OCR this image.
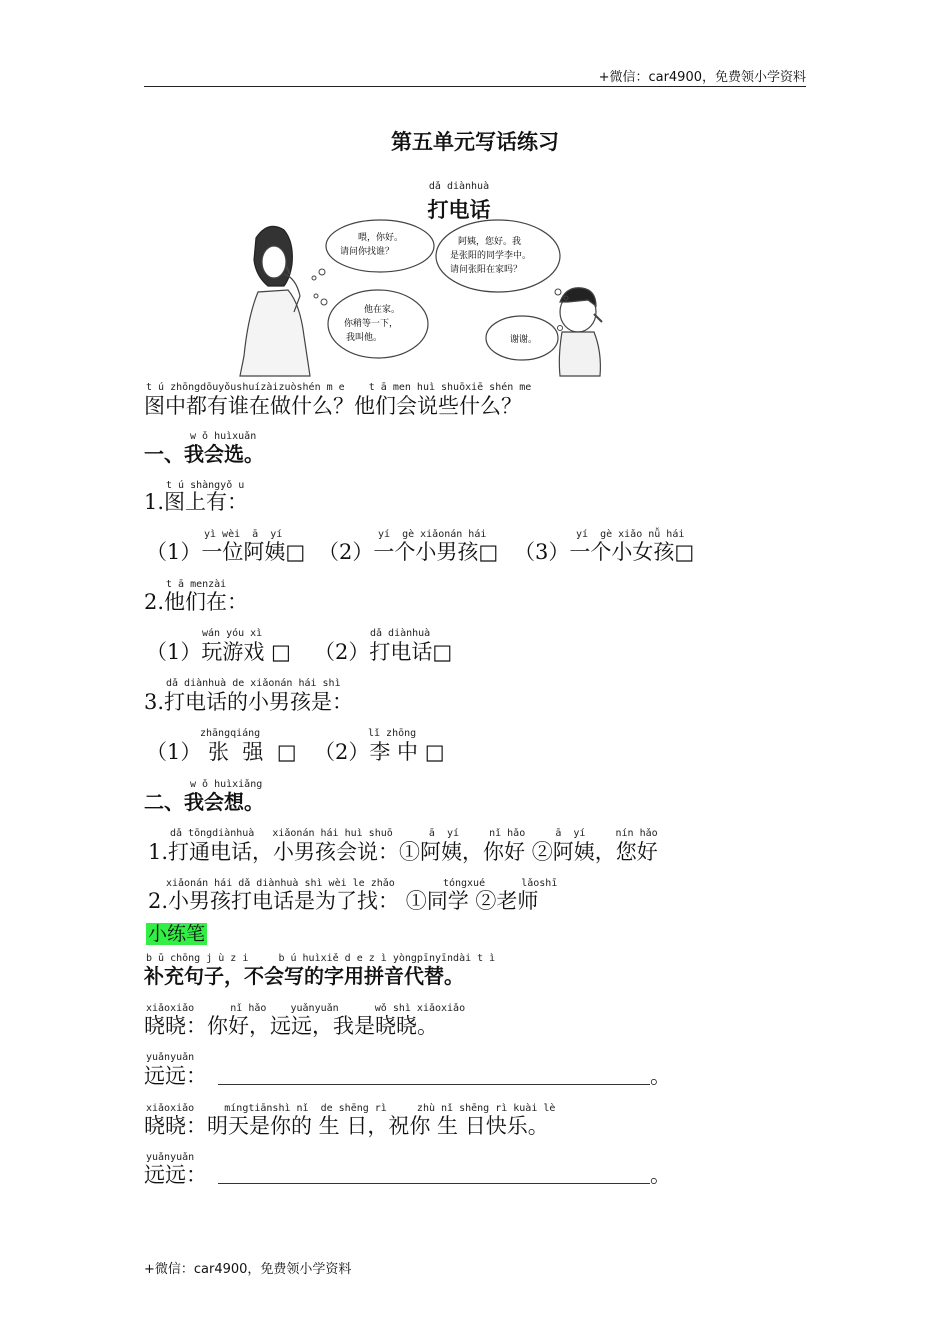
+微信：car4900，免费领小学资料
第五单元写话练习
dǎ diànhuà
打电话
喂，你好。
请问你找谁？
阿姨，您好。我
是张阳的同学李中。
请问张阳在家吗？
他在家。
你稍等一下，
我叫他。	谢谢。
t ú zhōngdōuyǒushuízàizuòshén m e    t ā men huì shuōxiē shén me
图中都有谁在做什么？他们会说些什么？
w ǒ huìxuǎn
一、我会选。
t ú shàngyǒ u
1.图上有：
yì wèi  ā  yí	yí  gè xiǎonán hái	yí  gè xiǎo nǚ hái
（1）一位阿姨□ （2）一个小男孩□ （3）一个小女孩□
t ā menzài
2.他们在：
wán yóu xì	dǎ diànhuà
（1）玩游戏 □ （2）打电话□
dǎ diànhuà de xiǎonán hái shì
3.打电话的小男孩是：
zhāngqiáng	lǐ zhōng
（1） 张  强  □ （2）李 中 □
w ǒ huìxiǎng
二、我会想。
dǎ tōngdiànhuà   xiǎonán hái huì shuō      ā  yí     nǐ hǎo     ā  yí     nín hǎo
1.打通电话，小男孩会说：①阿姨，你好 ②阿姨，您好
xiǎonán hái dǎ diànhuà shì wèi le zhǎo        tóngxué      lǎoshī
2.小男孩打电话是为了找： ①同学 ②老师
小练笔
b ǔ chōng j ù z i     b ú huìxiě d e z ì yòngpīnyīndài t ì
补充句子，不会写的字用拼音代替。
xiǎoxiǎo      nǐ hǎo    yuǎnyuǎn      wǒ shì xiǎoxiǎo
晓晓：你好，远远，我是晓晓。
yuǎnyuǎn
远远：	。
xiǎoxiǎo     míngtiānshì nǐ  de shēng rì     zhù nǐ shēng rì kuài lè
晓晓：明天是你的 生 日，祝你 生 日快乐。
yuǎnyuǎn
远远：	。
+微信：car4900，免费领小学资料
